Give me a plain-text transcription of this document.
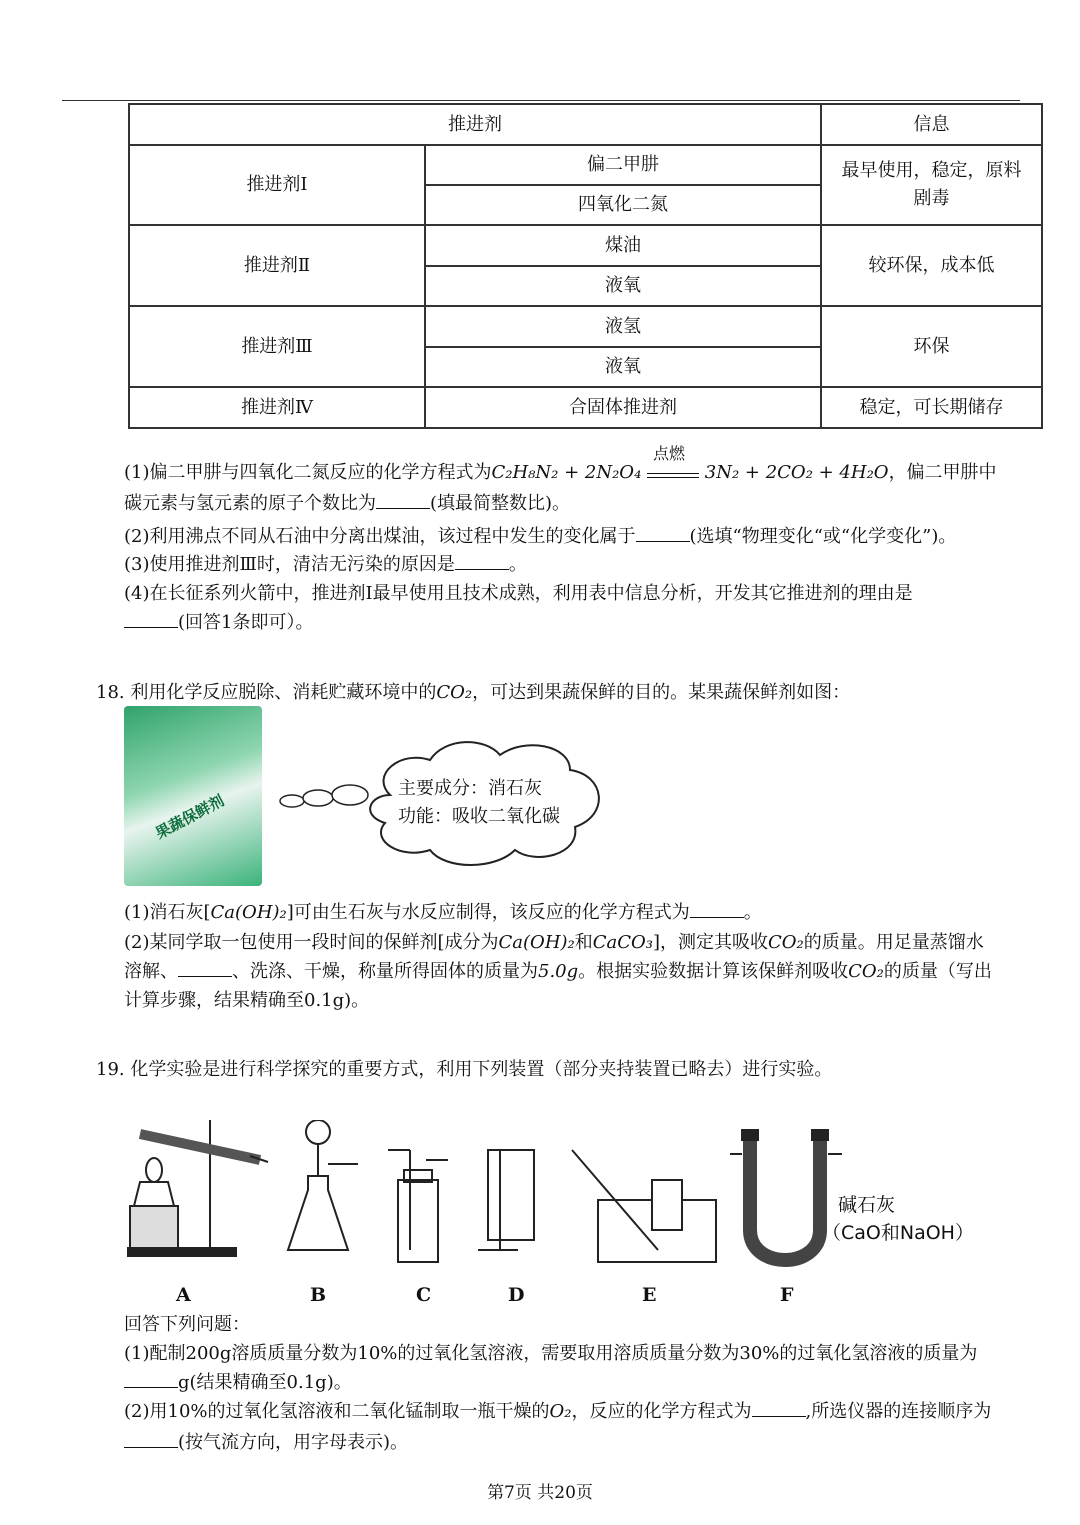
推进剂		信息
推进剂Ⅰ	偏二甲肼	最早使用，稳定，原料
剧毒
	四氧化二氮	
推进剂Ⅱ	煤油	较环保，成本低
	液氧	
推进剂Ⅲ	液氢	环保
	液氧	
推进剂Ⅳ	合固体推进剂	稳定，可长期储存
(1)偏二甲肼与四氧化二氮反应的化学方程式为C₂H₈N₂ + 2N₂O₄
点燃
3N₂ + 2CO₂ + 4H₂O，偏二甲肼中
碳元素与氢元素的原子个数比为	(填最简整数比)。
(2)利用沸点不同从石油中分离出煤油，该过程中发生的变化属于	(选填“物理变化“或“化学变化”)。
(3)使用推进剂Ⅲ时，清洁无污染的原因是	。
(4)在长征系列火箭中，推进剂Ⅰ最早使用且技术成熟，利用表中信息分析，开发其它推进剂的理由是
(回答1条即可）。
18. 利用化学反应脱除、消耗贮藏环境中的CO₂，可达到果蔬保鲜的目的。某果蔬保鲜剂如图：
果蔬保鲜剂
主要成分：消石灰
功能：吸收二氧化碳
(1)消石灰[Ca(OH)₂]可由生石灰与水反应制得，该反应的化学方程式为	。
(2)某同学取一包使用一段时间的保鲜剂[成分为Ca(OH)₂和CaCO₃]，测定其吸收CO₂的质量。用足量蒸馏水
溶解、	、洗涤、干燥，称量所得固体的质量为5.0g。根据实验数据计算该保鲜剂吸收CO₂的质量（写出
计算步骤，结果精确至0.1g)。
19. 化学实验是进行科学探究的重要方式，利用下列装置（部分夹持装置已略去）进行实验。
碱石灰
（CaO和NaOH）
A	B	C	D	E	F
回答下列问题：
(1)配制200g溶质质量分数为10%的过氧化氢溶液，需要取用溶质质量分数为30%的过氧化氢溶液的质量为
g(结果精确至0.1g)。
(2)用10%的过氧化氢溶液和二氧化锰制取一瓶干燥的O₂，反应的化学方程式为	,所选仪器的连接顺序为
(按气流方向，用字母表示)。
第7页 共20页
